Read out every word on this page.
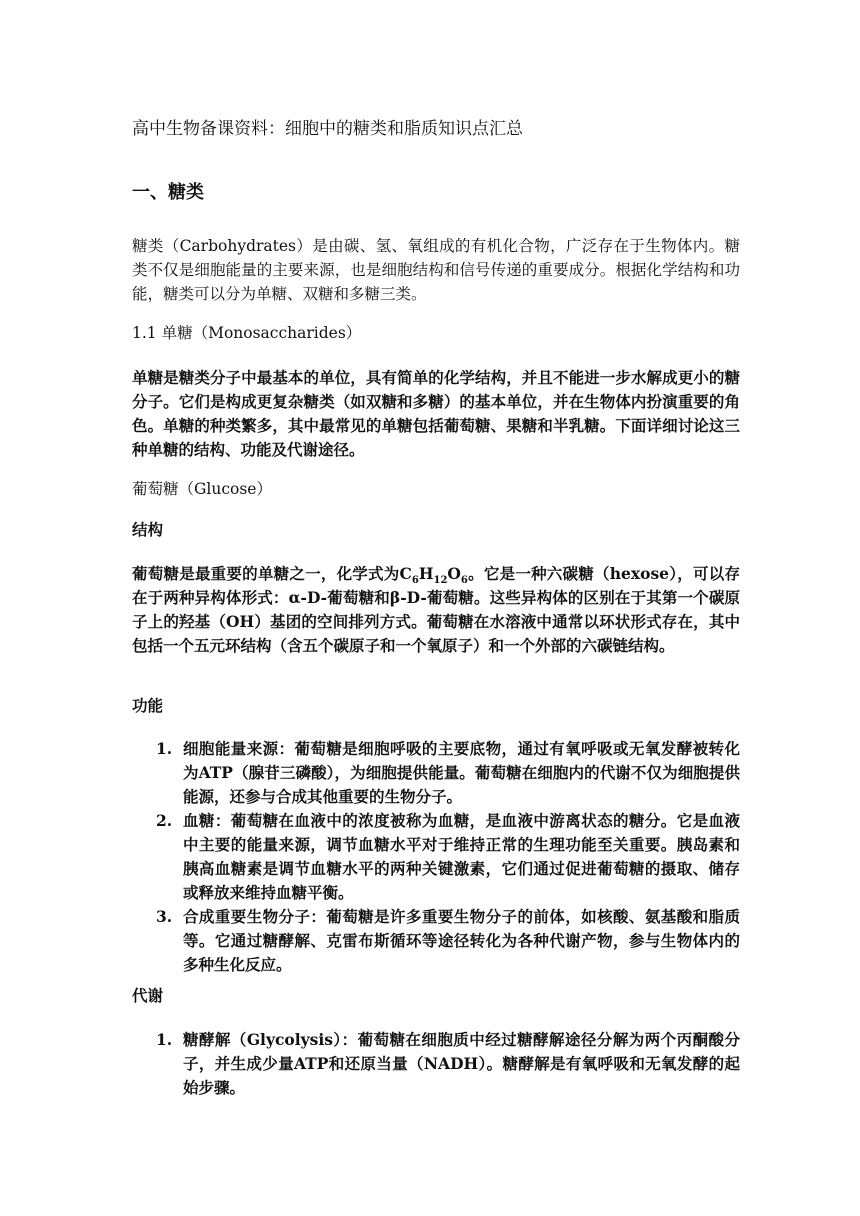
高中生物备课资料：细胞中的糖类和脂质知识点汇总
一、糖类

糖类（Carbohydrates）是由碳、氢、氧组成的有机化合物，广泛存在于生物体内。糖类不仅是细胞能量的主要来源，也是细胞结构和信号传递的重要成分。根据化学结构和功能，糖类可以分为单糖、双糖和多糖三类。

1.1 单糖（Monosaccharides）

单糖是糖类分子中最基本的单位，具有简单的化学结构，并且不能进一步水解成更小的糖分子。它们是构成更复杂糖类（如双糖和多糖）的基本单位，并在生物体内扮演重要的角色。单糖的种类繁多，其中最常见的单糖包括葡萄糖、果糖和半乳糖。下面详细讨论这三种单糖的结构、功能及代谢途径。

葡萄糖（Glucose）
结构

葡萄糖是最重要的单糖之一，化学式为$C_6H_{12}O_6$。它是一种六碳糖（hexose），可以存在于两种异构体形式：α-D-葡萄糖和β-D-葡萄糖。这些异构体的区别在于其第一个碳原子上的羟基（OH）基团的空间排列方式。葡萄糖在水溶液中通常以环状形式存在，其中包括一个五元环结构（含五个碳原子和一个氧原子）和一个外部的六碳链结构。

功能
1. 细胞能量来源：葡萄糖是细胞呼吸的主要底物，通过有氧呼吸或无氧发酵被转化为ATP（腺苷三磷酸），为细胞提供能量。葡萄糖在细胞内的代谢不仅为细胞提供能源，还参与合成其他重要的生物分子。
2. 血糖：葡萄糖在血液中的浓度被称为血糖，是血液中游离状态的糖分。它是血液中主要的能量来源，调节血糖水平对于维持正常的生理功能至关重要。胰岛素和胰高血糖素是调节血糖水平的两种关键激素，它们通过促进葡萄糖的摄取、储存或释放来维持血糖平衡。
3. 合成重要生物分子：葡萄糖是许多重要生物分子的前体，如核酸、氨基酸和脂质等。它通过糖酵解、克雷布斯循环等途径转化为各种代谢产物，参与生物体内的多种生化反应。
代谢
1. 糖酵解（Glycolysis）：葡萄糖在细胞质中经过糖酵解途径分解为两个丙酮酸分子，并生成少量ATP和还原当量（NADH）。糖酵解是有氧呼吸和无氧发酵的起始步骤。
